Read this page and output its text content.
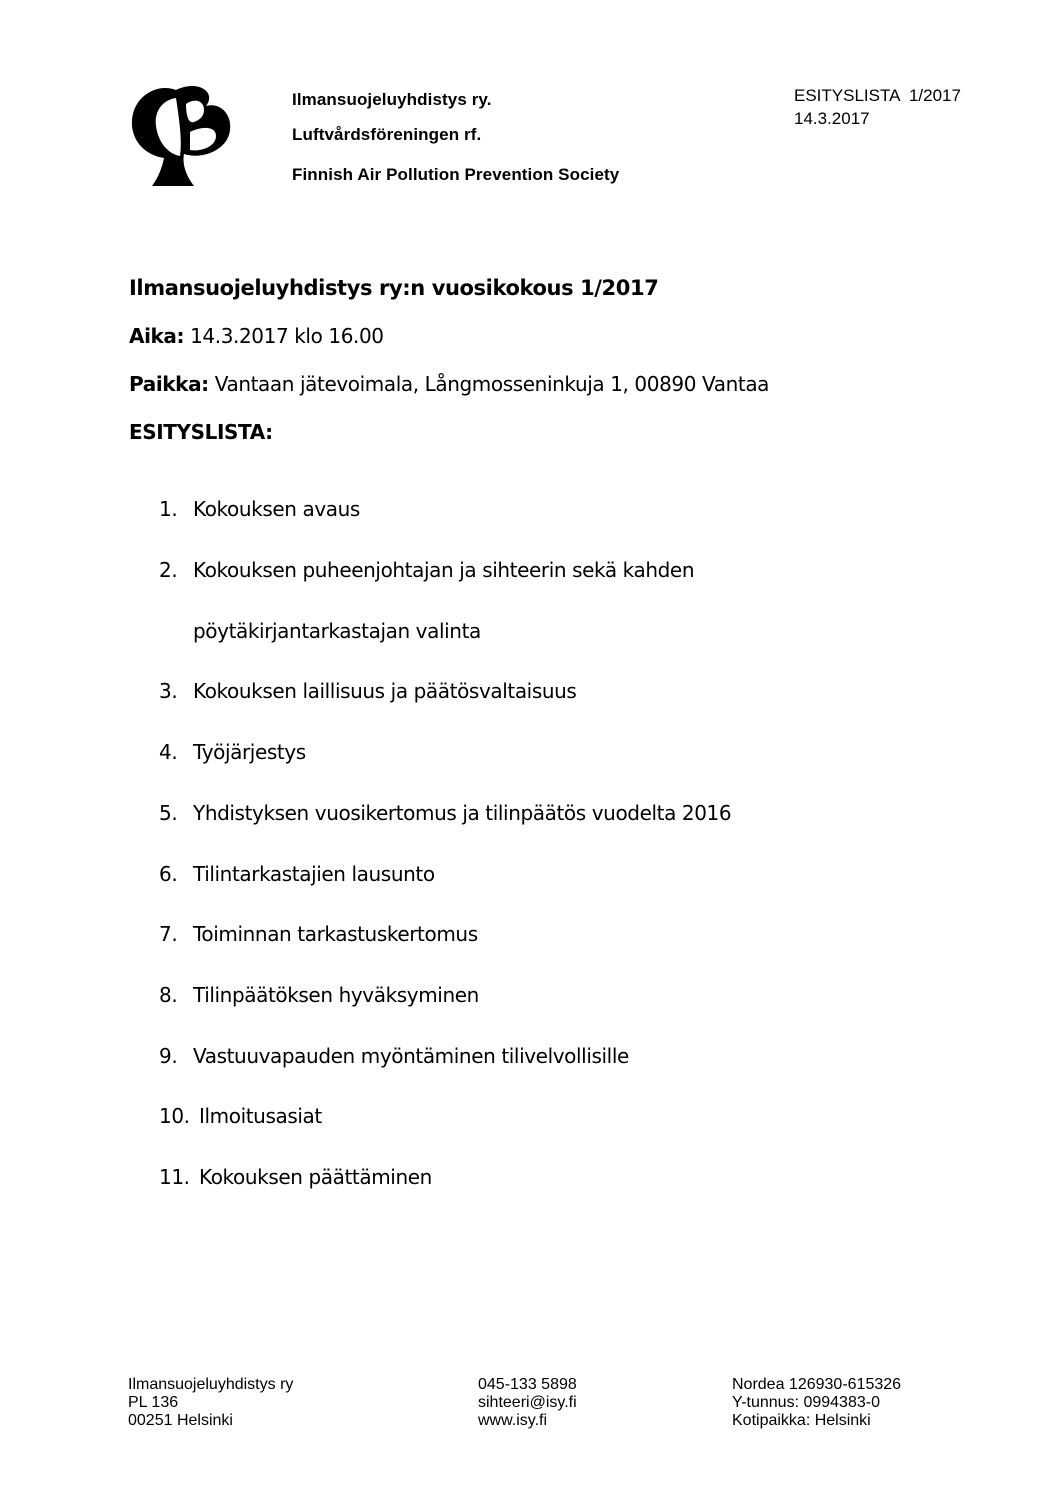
Ilmansuojeluyhdistys ry.
Luftvårdsföreningen rf.
Finnish Air Pollution Prevention Society
ESITYSLISTA  1/2017
14.3.2017
Ilmansuojeluyhdistys ry:n vuosikokous 1/2017
Aika: 14.3.2017 klo 16.00
Paikka: Vantaan jätevoimala, Långmosseninkuja 1, 00890 Vantaa
ESITYSLISTA:
1. Kokouksen avaus
2. Kokouksen puheenjohtajan ja sihteerin sekä kahden
pöytäkirjantarkastajan valinta
3. Kokouksen laillisuus ja päätösvaltaisuus
4. Työjärjestys
5. Yhdistyksen vuosikertomus ja tilinpäätös vuodelta 2016
6. Tilintarkastajien lausunto
7. Toiminnan tarkastuskertomus
8. Tilinpäätöksen hyväksyminen
9. Vastuuvapauden myöntäminen tilivelvollisille
10. Ilmoitusasiat
11. Kokouksen päättäminen
Ilmansuojeluyhdistys ry
PL 136
00251 Helsinki
045-133 5898
sihteeri@isy.fi
www.isy.fi
Nordea 126930-615326
Y-tunnus: 0994383-0
Kotipaikka: Helsinki
